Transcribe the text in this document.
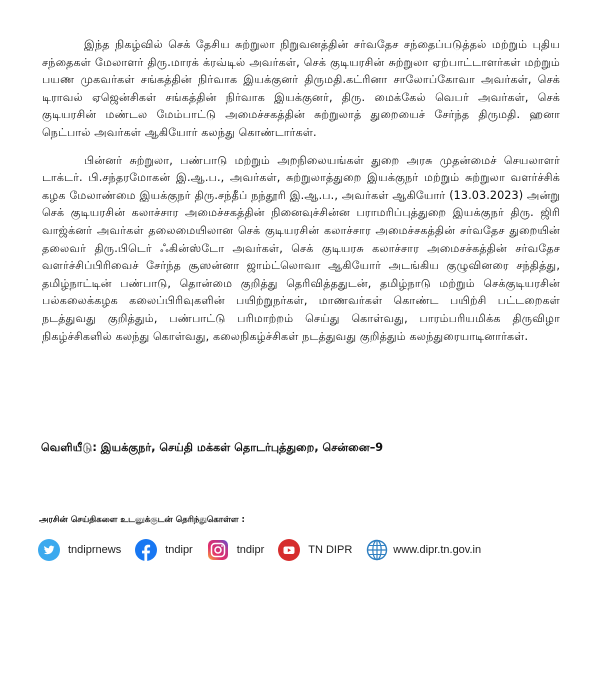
இந்த நிகழ்வில் செக் தேசிய சுற்றுலா நிறுவனத்தின் சர்வதேச சந்தைப்படுத்தல் மற்றும் புதிய சந்தைகள் மேலாளர் திரு.மாரக் க்ரவ்டில் அவர்கள், செக் குடியரசின் சுற்றுலா ஏற்பாட்டாளர்கள் மற்றும் பயண முகவர்கள் சங்கத்தின் நிர்வாக இயக்குனர் திருமதி.கட்ரினா சாலோப்கோவா அவர்கள், செக் டிராவல் ஏஜென்சிகள் சங்கத்தின் நிர்வாக இயக்குனர், திரு. மைக்கேல் வெபர் அவர்கள், செக் குடியரசின் மண்டல மேம்பாட்டு அமைச்சகத்தின் சுற்றுலாத் துறையைச் சேர்ந்த திருமதி. ஹனா நெட்பால் அவர்கள் ஆகியோர் கலந்து கொண்டார்கள்.

பின்னர் சுற்றுலா, பண்பாடு மற்றும் அறநிலையங்கள் துறை அரசு முதன்மைச் செயலாளர் டாக்டர். பி.சந்தரமோகன் இ.ஆ.ப., அவர்கள், சுற்றுலாத்துறை இயக்குநர் மற்றும் சுற்றுலா வளர்ச்சிக் கழக மேலாண்மை இயக்குநர் திரு.சந்தீப் நந்தூரி இ.ஆ.ப., அவர்கள் ஆகியோர் (13.03.2023) அன்று செக் குடியரசின் கலாச்சார அமைச்சகத்தின் நினைவுச்சின்ன பராமரிப்புத்துறை இயக்குநர் திரு. ஜிரி வாஜ்க்னர் அவர்கள் தலைமையிலான செக் குடியரசின் கலாச்சார அமைச்சகத்தின் சர்வதேச துறையின் தலைவர் திரு.பிடெர் ஃகின்ஸ்டோ அவர்கள், செக் குடியரசு கலாச்சார அமைசச்கத்தின் சர்வதேச வளர்ச்சிப்பிரிவைச் சேர்ந்த சூஸன்னா ஜாம்ட்லொவா ஆகியோர் அடங்கிய குழுவினரை சந்தித்து, தமிழ்நாட்டின் பண்பாடு, தொன்மை குறித்து தெரிவித்ததுடன், தமிழ்நாடு மற்றும் செக்குடியரசின் பல்கலைக்கழக கலைப்பிரிவுகளின் பயிற்றுநர்கள், மாணவர்கள் கொண்ட பயிற்சி பட்டறைகள் நடத்துவது குறித்தும், பண்பாட்டு பரிமாற்றம் செய்து கொள்வது, பாரம்பரியமிக்க திருவிழா நிகழ்ச்சிகளில் கலந்து கொள்வது, கலைநிகழ்ச்சிகள் நடத்துவது குறித்தும் கலந்துரையாடினார்கள்.

வெளியீடு: இயக்குநர், செய்தி மக்கள் தொடர்புத்துறை, சென்னை–9
அரசின் செய்திகளை உடனுக்குடன் தெரிந்துகொள்ள :
tndiprnews	tndipr	tndipr	TN DIPR	www.dipr.tn.gov.in
